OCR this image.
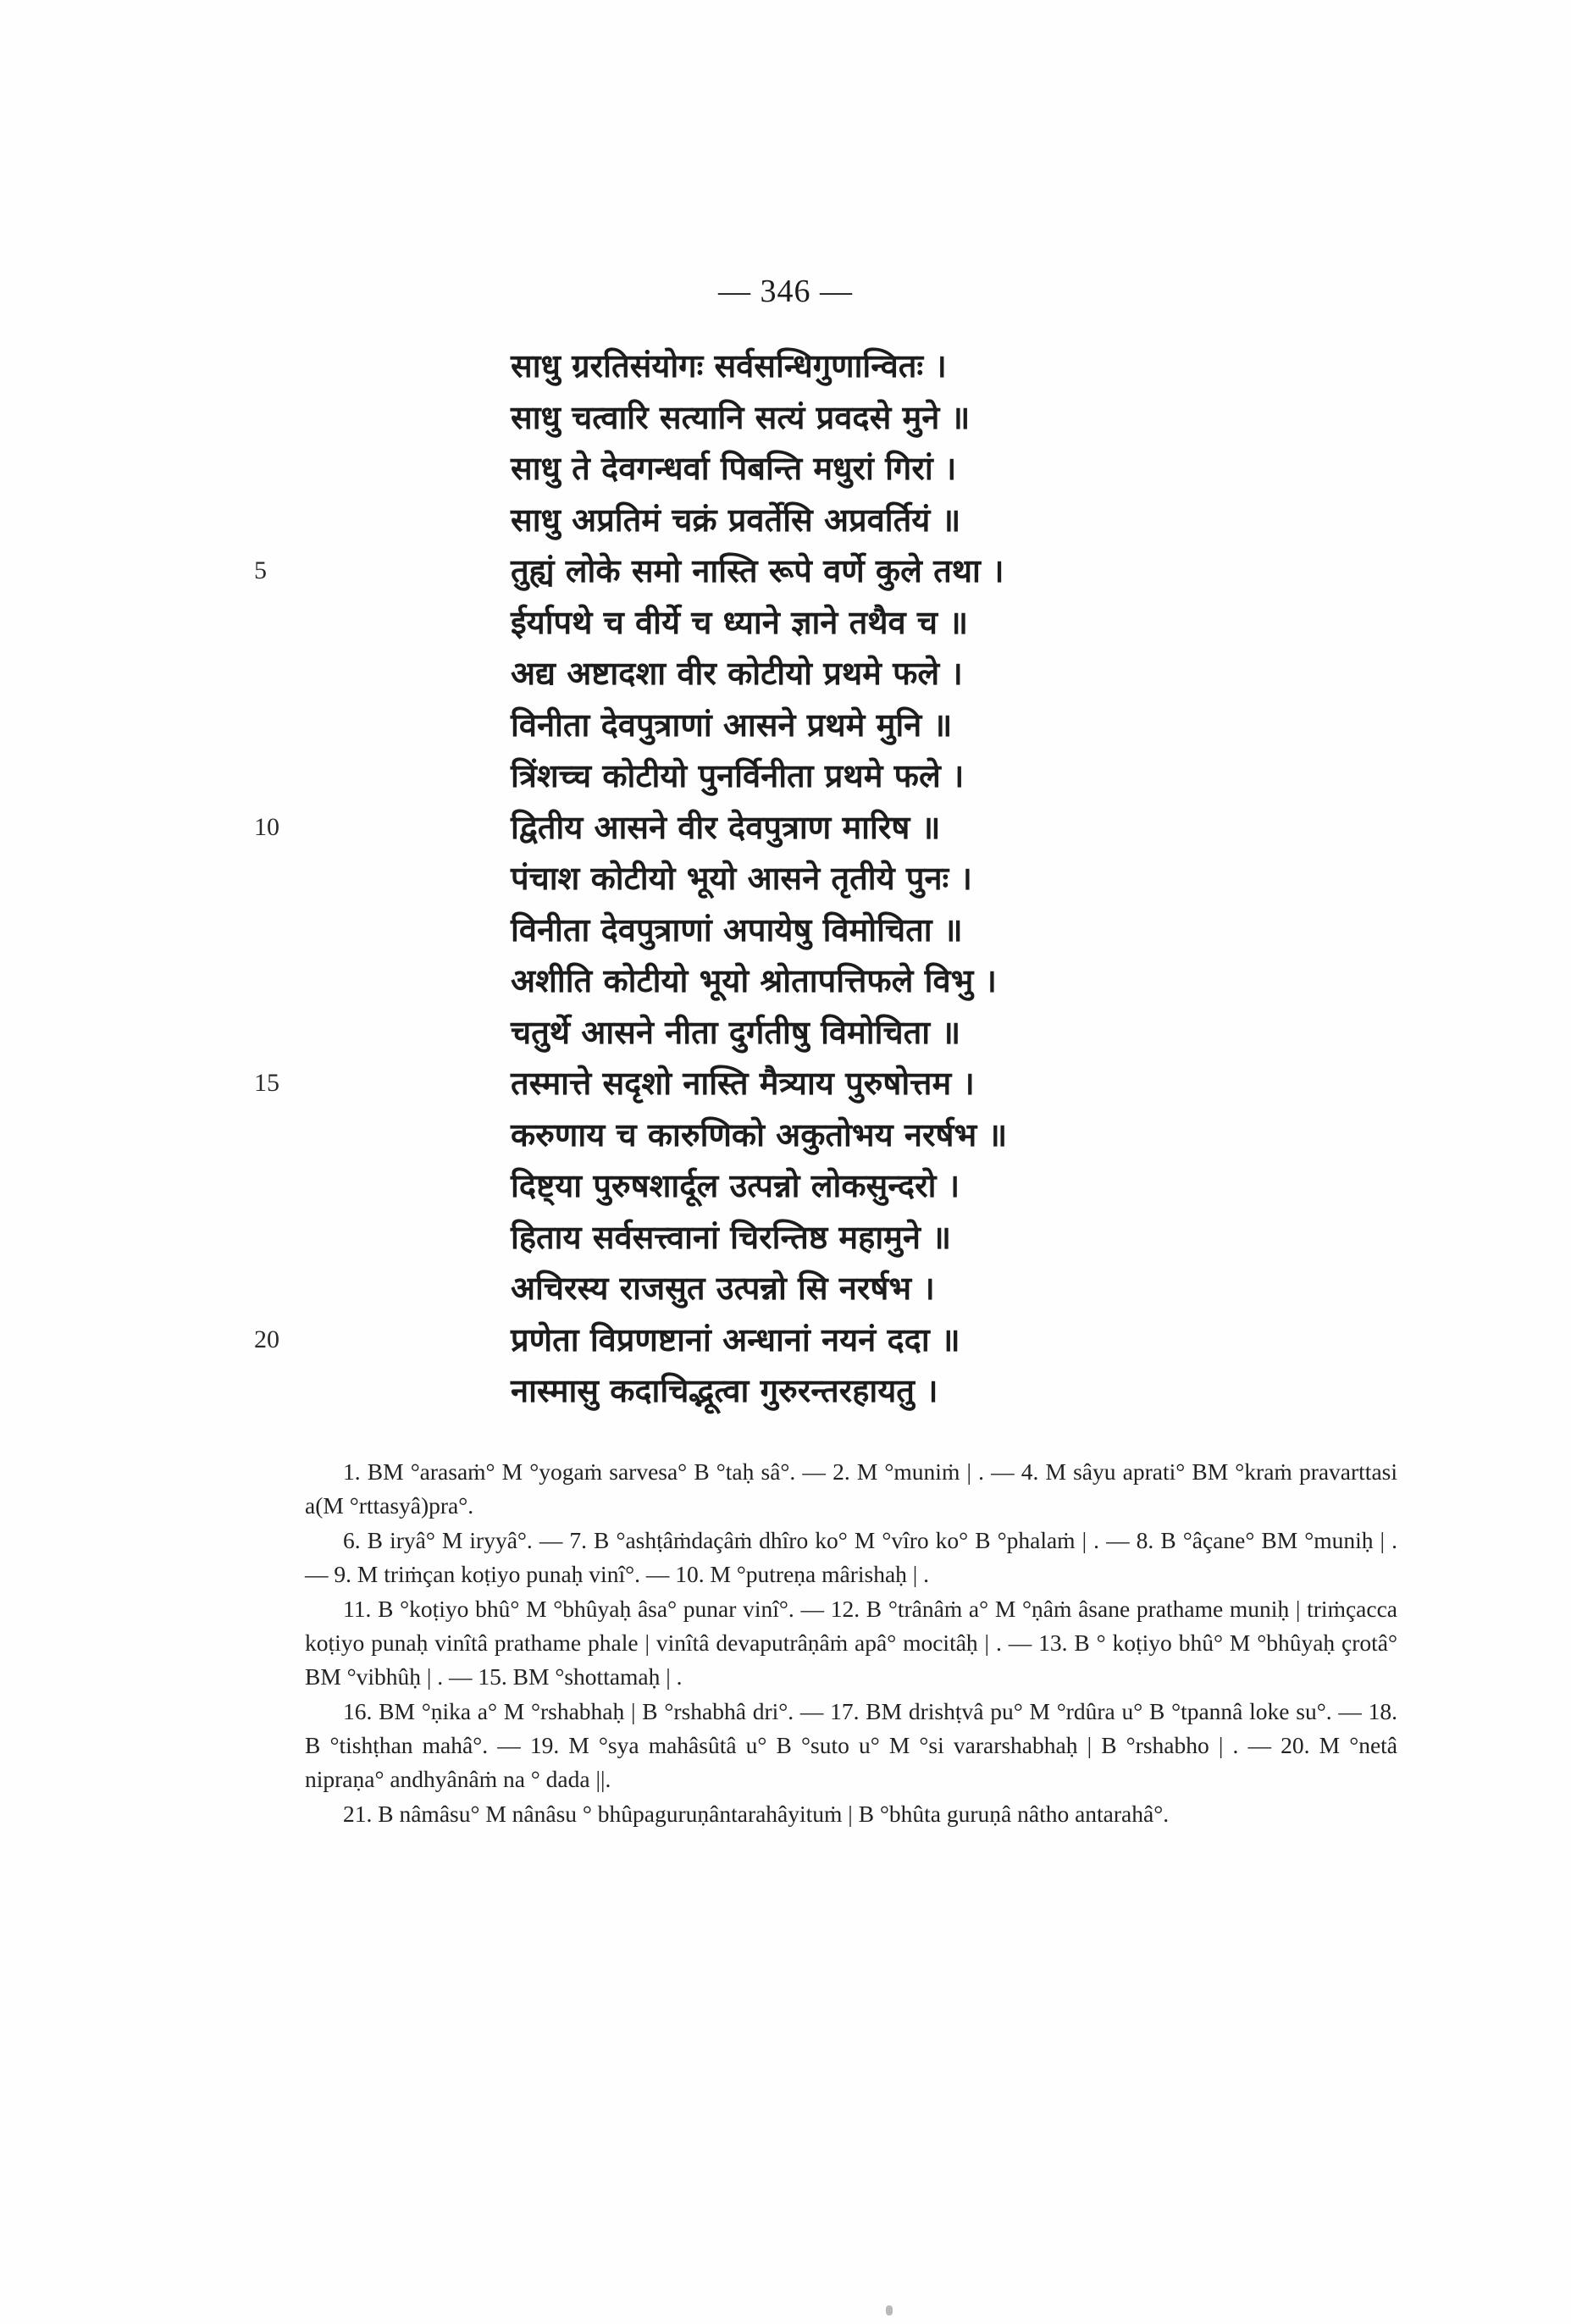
— 346 —
साधु ग्ररतिसंयोगः सर्वसन्धिगुणान्वितः ।
साधु चत्वारि सत्यानि सत्यं प्रवदसे मुने ॥
साधु ते देवगन्धर्वा पिबन्ति मधुरां गिरां ।
साधु अप्रतिमं चक्रं प्रवर्तेसि अप्रवर्तियं ॥
5	तुह्यं लोके समो नास्ति रूपे वर्णे कुले तथा ।
ईर्यापथे च वीर्ये च ध्याने ज्ञाने तथैव च ॥
अद्य अष्टादशा वीर कोटीयो प्रथमे फले ।
विनीता देवपुत्राणां आसने प्रथमे मुनि ॥
त्रिंशच्च कोटीयो पुनर्विनीता प्रथमे फले ।
10	द्वितीय आसने वीर देवपुत्राण मारिष ॥
पंचाश कोटीयो भूयो आसने तृतीये पुनः ।
विनीता देवपुत्राणां अपायेषु विमोचिता ॥
अशीति कोटीयो भूयो श्रोतापत्तिफले विभु ।
चतुर्थे आसने नीता दुर्गतीषु विमोचिता ॥
15	तस्मात्ते सदृशो नास्ति मैत्र्याय पुरुषोत्तम ।
करुणाय च कारुणिको अकुतोभय नरर्षभ ॥
दिष्ट्या पुरुषशार्दूल उत्पन्नो लोकसुन्दरो ।
हिताय सर्वसत्त्वानां चिरन्तिष्ठ महामुने ॥
अचिरस्य राजसुत उत्पन्नो सि नरर्षभ ।
20	प्रणेता विप्रणष्टानां अन्धानां नयनं ददा ॥
नास्मासु कदाचिद्भूत्वा गुरुरन्तरहायतु ।

1. BM °arasaṁ° M °yogaṁ sarvesa° B °taḥ sâ°. — 2. M °muniṁ | . — 4. M sâyu aprati° BM °kraṁ pravarttasi a(M °rttasyâ)pra°.

6. B iryâ° M iryyâ°. — 7. B °ashṭâṁdaçâṁ dhîro ko° M °vîro ko° B °phalaṁ | . — 8. B °âçane° BM °muniḥ | . — 9. M triṁçan koṭiyo punaḥ vinî°. — 10. M °putreṇa mârishaḥ | .

11. B °koṭiyo bhû° M °bhûyaḥ âsa° punar vinî°. — 12. B °trânâṁ a° M °ṇâṁ âsane prathame muniḥ | triṁçacca koṭiyo punaḥ vinîtâ prathame phale | vinîtâ devaputrâṇâṁ apâ° mocitâḥ | . — 13. B ° koṭiyo bhû° M °bhûyaḥ çrotâ° BM °vibhûḥ | . — 15. BM °shottamaḥ | .

16. BM °ṇika a° M °rshabhaḥ | B °rshabhâ dri°. — 17. BM drishṭvâ pu° M °rdûra u° B °tpannâ loke su°. — 18. B °tishṭhan mahâ°. — 19. M °sya mahâsûtâ u° B °suto u° M °si vararshabhaḥ | B °rshabho | . — 20. M °netâ nipraṇa° andhyânâṁ na ° dada ||.

21. B nâmâsu° M nânâsu ° bhûpaguruṇântarahâyituṁ | B °bhûta guruṇâ nâtho antarahâ°.
